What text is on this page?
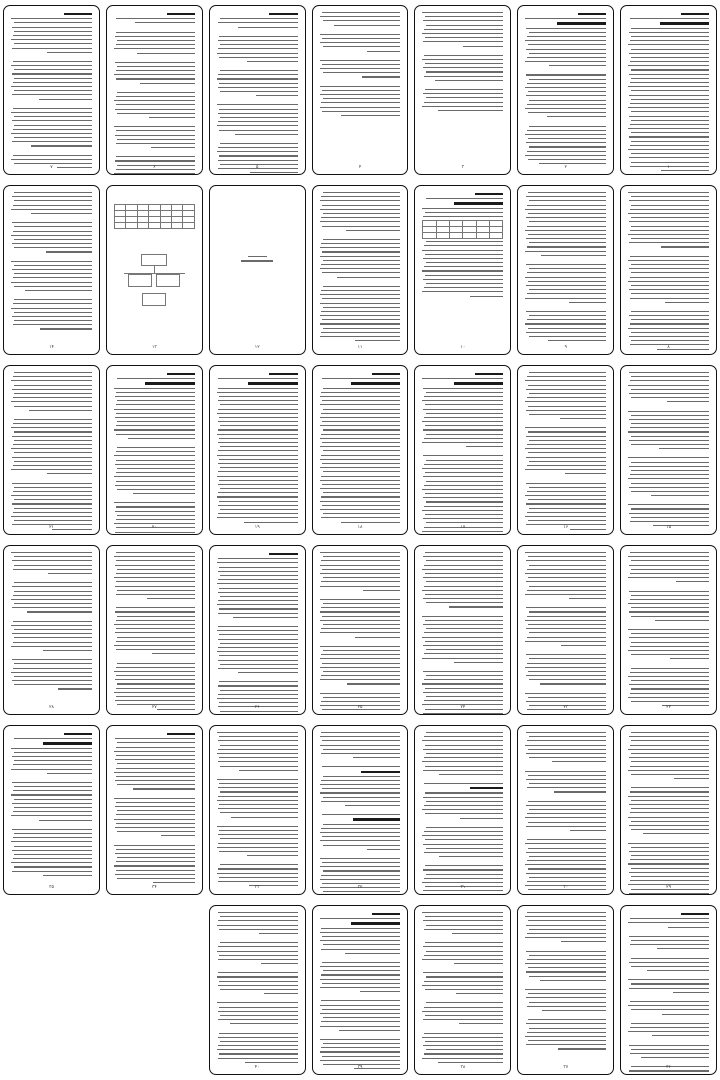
۱
۲
۳
۴
۵
۶
۷
۸
۹

۱۰
۱۱
۱۲

۱۳
۱۴
۱۵
۱۶
۱۷
۱۸
۱۹
۲۰
۲۱
۲۲
۲۳
۲۴
۲۵
۲۶
۲۷
۲۸
۲۹
۳۰
۳۱
۳۲
۳۳
۳۴
۳۵
۳۶
۳۷
۳۸
۳۹
۴۰
